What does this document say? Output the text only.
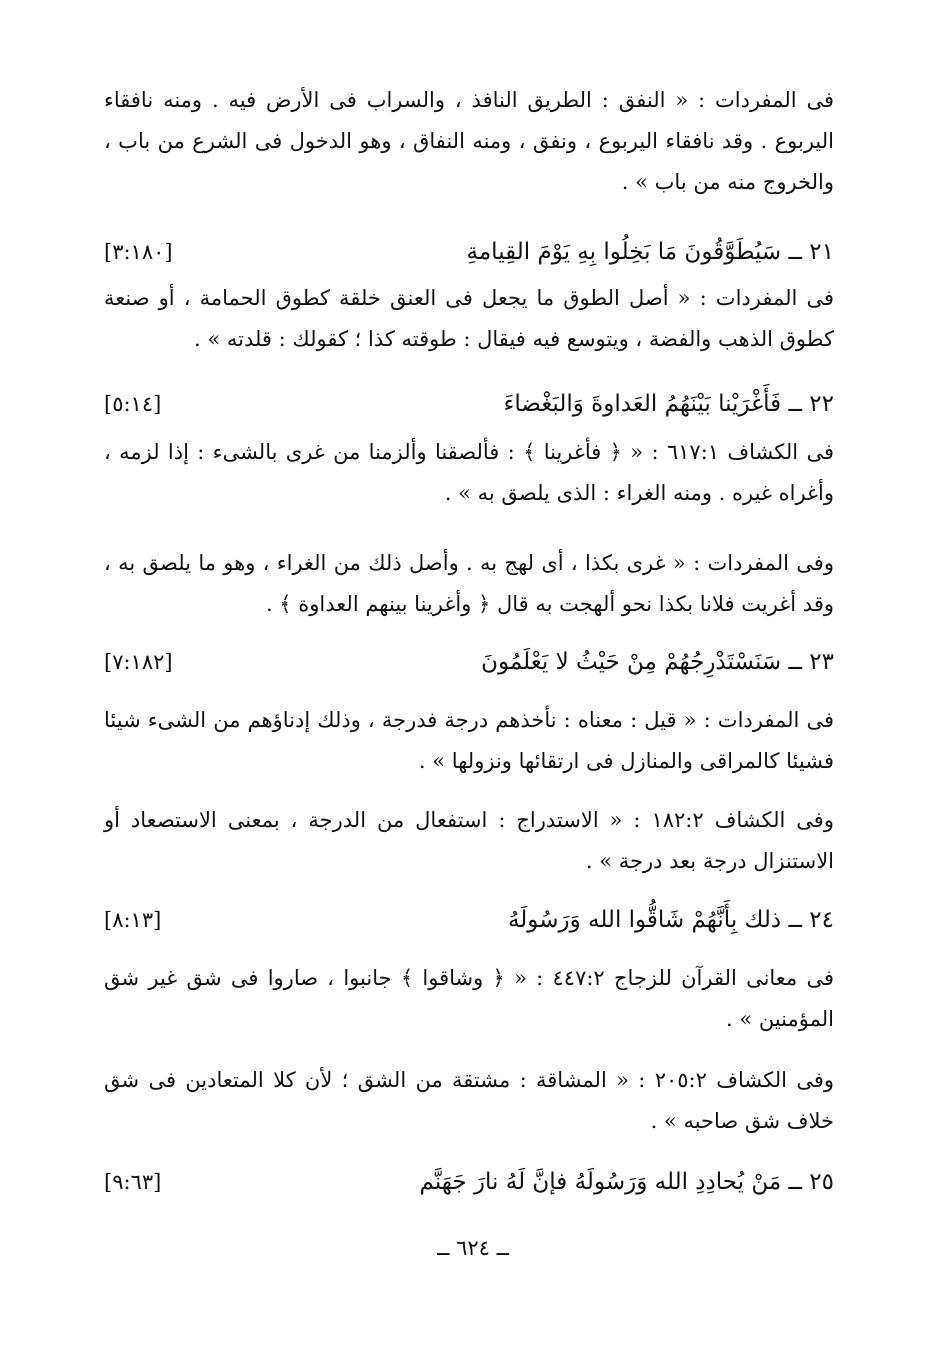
فى المفردات : « النفق : الطريق النافذ ، والسراب فى الأرض فيه . ومنه نافقاء اليربوع . وقد نافقاء اليربوع ، ونفق ، ومنه النفاق ، وهو الدخول فى الشرع من باب ، والخروج منه من باب » .
٢١ ــ سَيُطَوَّقُونَ مَا بَخِلُوا بِهِ يَوْمَ القِيامةِ
[٣:١٨٠]
فى المفردات : « أصل الطوق ما يجعل فى العنق خلقة كطوق الحمامة ، أو صنعة كطوق الذهب والفضة ، ويتوسع فيه فيقال : طوقته كذا ؛ كقولك : قلدته » .
٢٢ ــ فَأَغْرَيْنا بَيْنَهُمُ العَداوةَ وَالبَغْضاءَ
[٥:١٤]
فى الكشاف ٦١٧:١ : « ﴿ فأغرينا ﴾ : فألصقنا وألزمنا من غرى بالشىء : إذا لزمه ، وأغراه غيره . ومنه الغراء : الذى يلصق به » .
وفى المفردات : « غرى بكذا ، أى لهج به . وأصل ذلك من الغراء ، وهو ما يلصق به ، وقد أغريت فلانا بكذا نحو ألهجت به قال ﴿ وأغرينا بينهم العداوة ﴾ .
٢٣ ــ سَنَسْتَدْرِجُهُمْ مِنْ حَيْثُ لا يَعْلَمُونَ
[٧:١٨٢]
فى المفردات : « قيل : معناه : نأخذهم درجة فدرجة ، وذلك إدناؤهم من الشىء شيئا فشيئا كالمراقى والمنازل فى ارتقائها ونزولها » .
وفى الكشاف ١٨٢:٢ : « الاستدراج : استفعال من الدرجة ، بمعنى الاستصعاد أو الاستنزال درجة بعد درجة » .
٢٤ ــ ذلك بِأَنَّهُمْ شَاقُّوا الله وَرَسُولَهُ
[٨:١٣]
فى معانى القرآن للزجاج ٤٤٧:٢ : « ﴿ وشاقوا ﴾ جانبوا ، صاروا فى شق غير شق المؤمنين » .
وفى الكشاف ٢٠٥:٢ : « المشاقة : مشتقة من الشق ؛ لأن كلا المتعادين فى شق خلاف شق صاحبه » .
٢٥ ــ مَنْ يُحادِدِ الله وَرَسُولَهُ فإنَّ لَهُ نارَ جَهَنَّم
[٩:٦٣]
ــ ٦٢٤ ــ
